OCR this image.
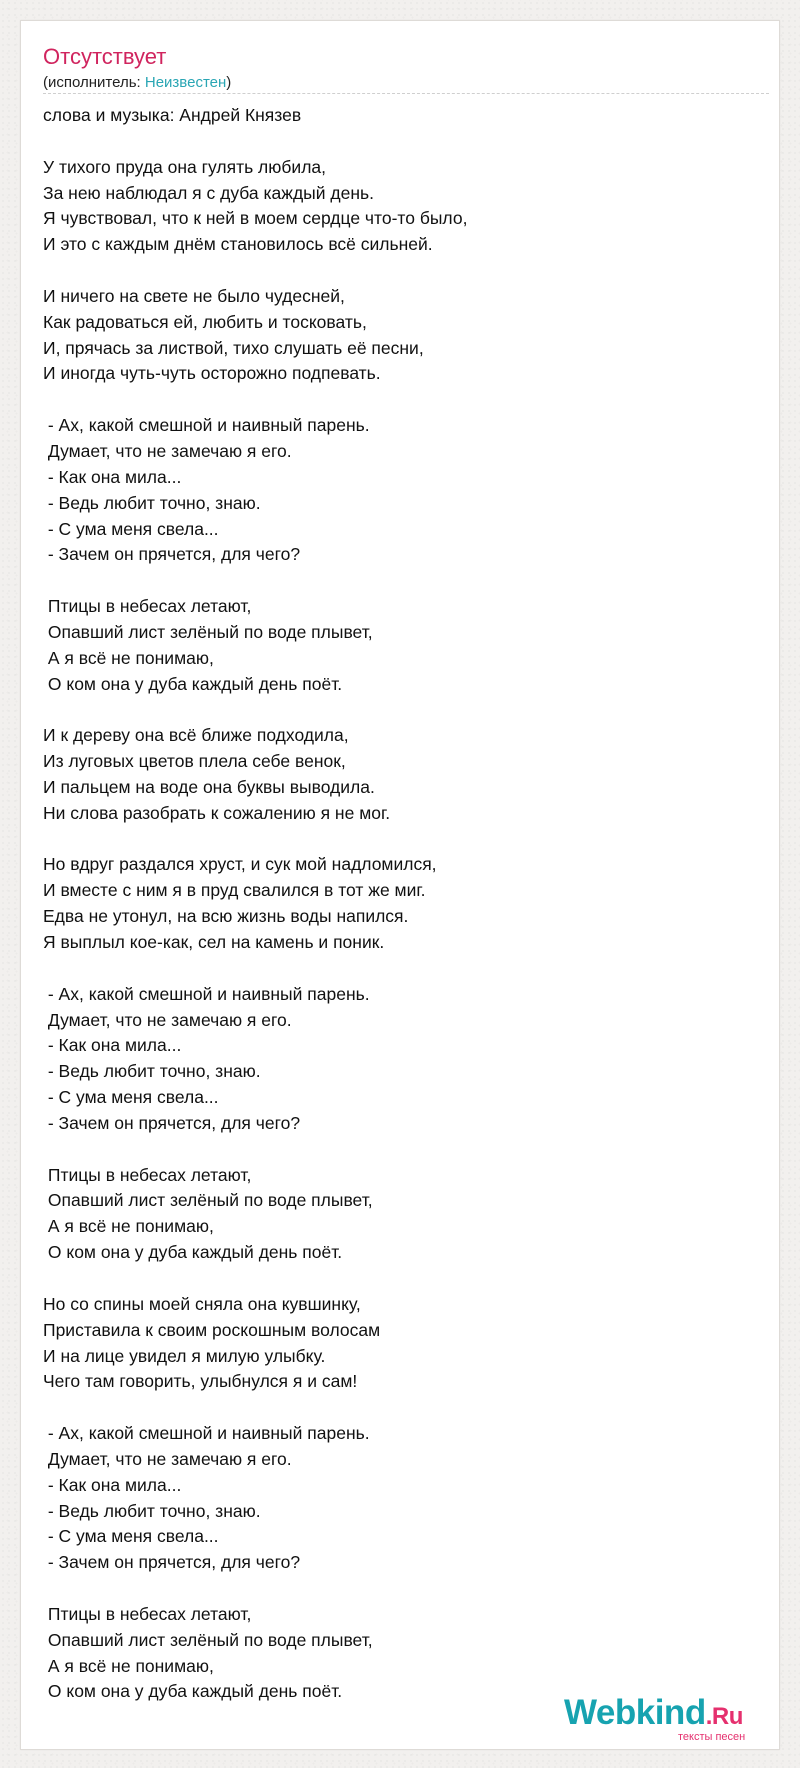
Отсутствует
(исполнитель: Неизвестен)
слова и музыка: Андрей Князев

У тихого пруда она гулять любила,
За нею наблюдал я с дуба каждый день.
Я чувствовал, что к ней в моем сердце что-то было,
И это с каждым днём становилось всё сильней.

И ничего на свете не было чудесней,
Как радоваться ей, любить и тосковать,
И, прячась за листвой, тихо слушать её песни,
И иногда чуть-чуть осторожно подпевать.

- Ах, какой смешной и наивный парень.
Думает, что не замечаю я его.
- Как она мила...
- Ведь любит точно, знаю.
- С ума меня свела...
- Зачем он прячется, для чего?

Птицы в небесах летают,
Опавший лист зелёный по воде плывет,
А я всё не понимаю,
О ком она у дуба каждый день поёт.

И к дереву она всё ближе подходила,
Из луговых цветов плела себе венок,
И пальцем на воде она буквы выводила.
Ни слова разобрать к сожалению я не мог.

Но вдруг раздался хруст, и сук мой надломился,
И вместе с ним я в пруд свалился в тот же миг.
Едва не утонул, на всю жизнь воды напился.
Я выплыл кое-как, сел на камень и поник.

- Ах, какой смешной и наивный парень.
Думает, что не замечаю я его.
- Как она мила...
- Ведь любит точно, знаю.
- С ума меня свела...
- Зачем он прячется, для чего?

Птицы в небесах летают,
Опавший лист зелёный по воде плывет,
А я всё не понимаю,
О ком она у дуба каждый день поёт.

Но со спины моей сняла она кувшинку,
Приставила к своим роскошным волосам
И на лице увидел я милую улыбку.
Чего там говорить, улыбнулся я и сам!

- Ах, какой смешной и наивный парень.
Думает, что не замечаю я его.
- Как она мила...
- Ведь любит точно, знаю.
- С ума меня свела...
- Зачем он прячется, для чего?

Птицы в небесах летают,
Опавший лист зелёный по воде плывет,
А я всё не понимаю,
О ком она у дуба каждый день поёт.
Webkind.Ru
тексты песен
